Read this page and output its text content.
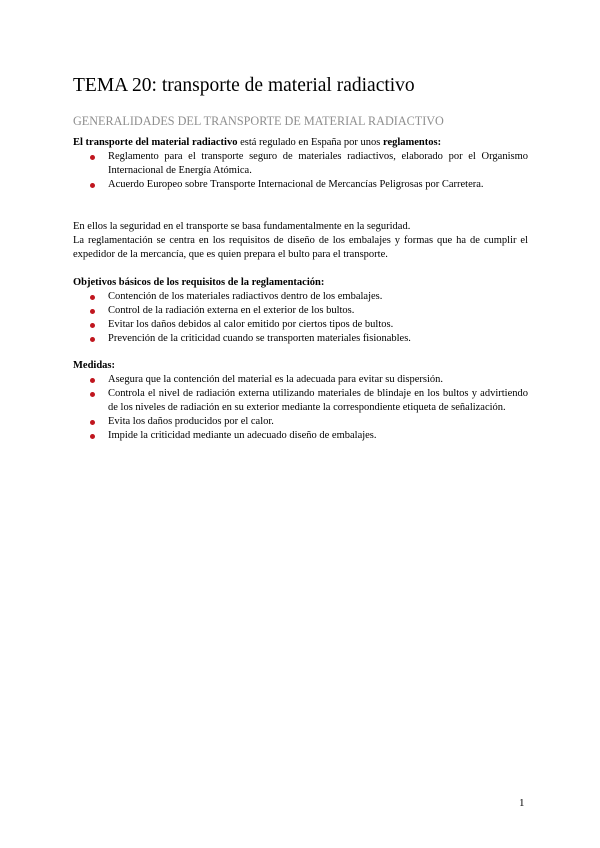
TEMA 20: transporte de material radiactivo
GENERALIDADES DEL TRANSPORTE DE MATERIAL RADIACTIVO

El transporte del material radiactivo está regulado en España por unos reglamentos:

Reglamento para el transporte seguro de materiales radiactivos, elaborado por el Organismo Internacional de Energía Atómica.
Acuerdo Europeo sobre Transporte Internacional de Mercancías Peligrosas por Carretera.

En ellos la seguridad en el transporte se basa fundamentalmente en la seguridad.

La reglamentación se centra en los requisitos de diseño de los embalajes y formas que ha de cumplir el expedidor de la mercancía, que es quien prepara el bulto para el transporte.

Objetivos básicos de los requisitos de la reglamentación:

Contención de los materiales radiactivos dentro de los embalajes.
Control de la radiación externa en el exterior de los bultos.
Evitar los daños debidos al calor emitido por ciertos tipos de bultos.
Prevención de la criticidad cuando se transporten materiales fisionables.

Medidas:

Asegura que la contención del material es la adecuada para evitar su dispersión.
Controla el nivel de radiación externa utilizando materiales de blindaje en los bultos y advirtiendo de los niveles de radiación en su exterior mediante la correspondiente etiqueta de señalización.
Evita los daños producidos por el calor.
Impide la criticidad mediante un adecuado diseño de embalajes.
1
